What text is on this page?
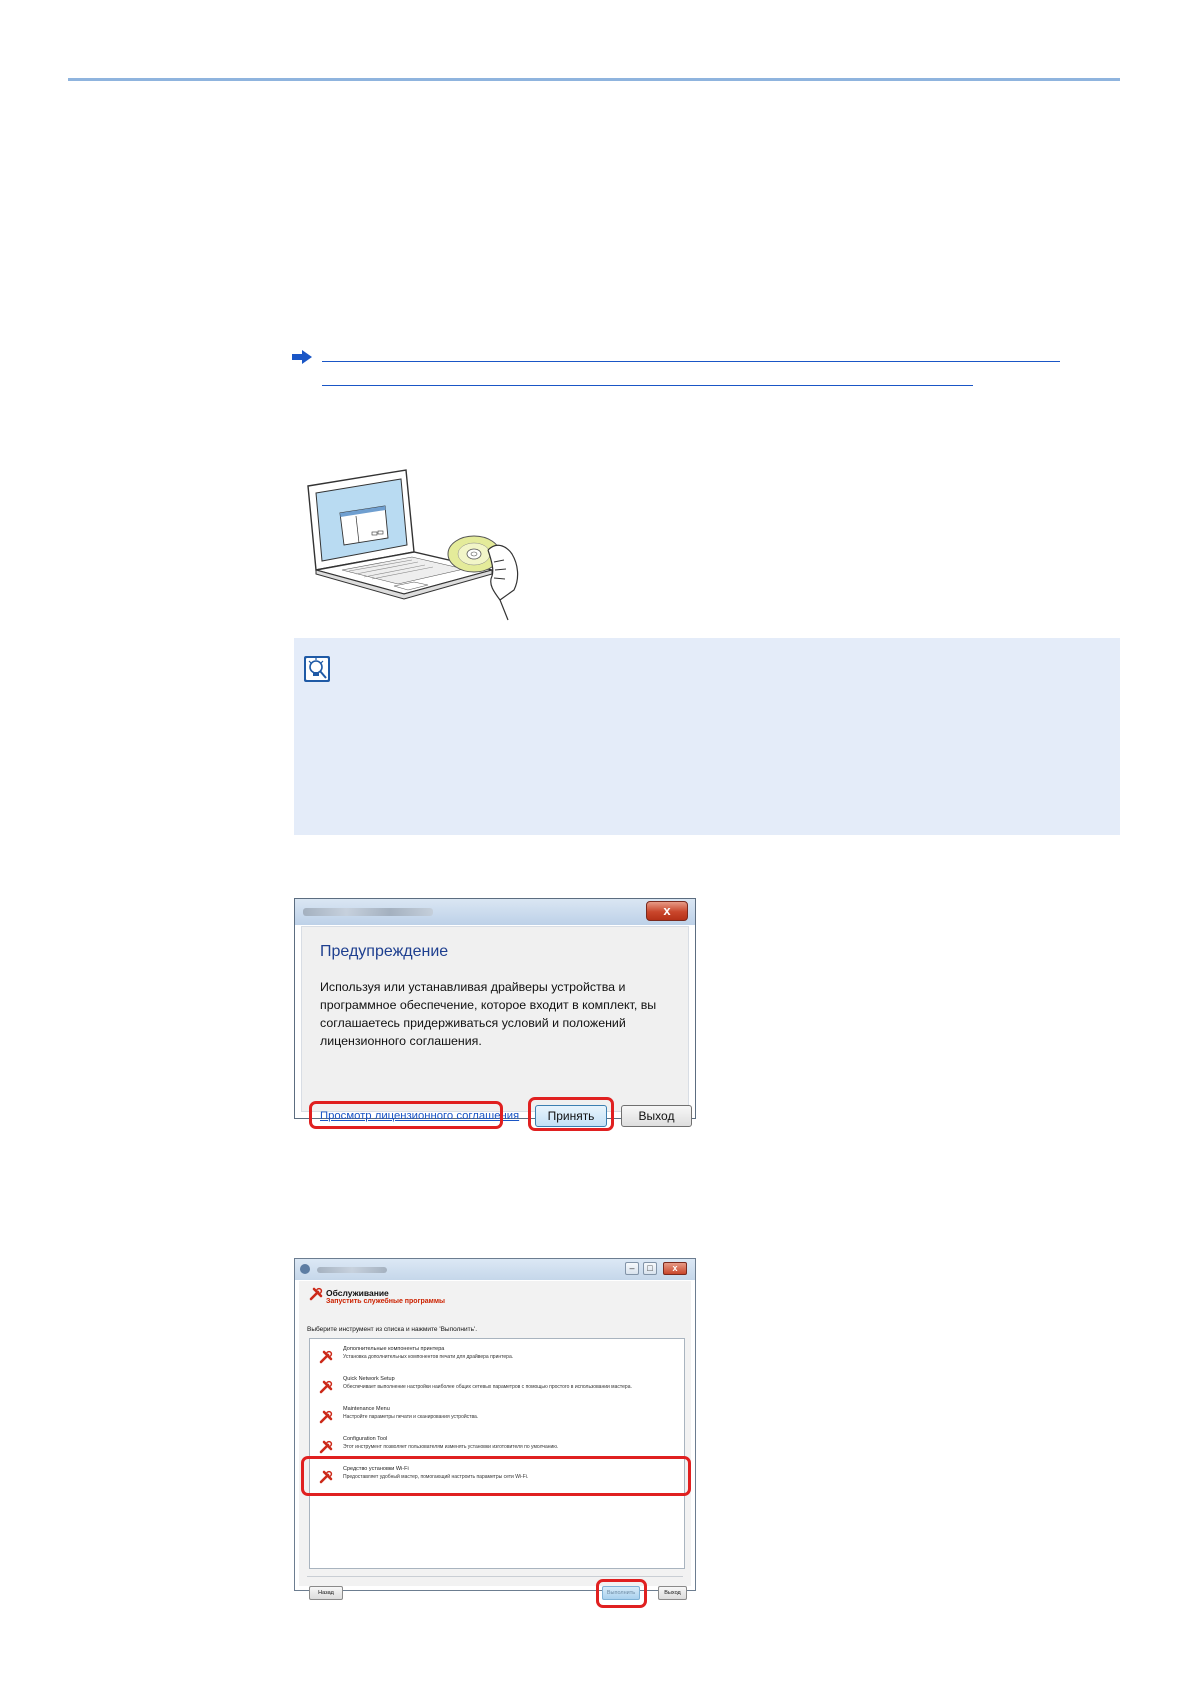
x
Предупреждение
Используя или устанавливая драйверы устройства и программное обеспечение, которое входит в комплект, вы соглашаетесь придерживаться условий и положений лицензионного соглашения.
Просмотр лицензионного соглашения	Принять	Выход
–	□	x
Обслуживание
Запустить служебные программы
Выберите инструмент из списка и нажмите 'Выполнить'.
Дополнительные компоненты принтера
Установка дополнительных компонентов печати для драйвера принтера.
Quick Network Setup
Обеспечивает выполнение настройки наиболее общих сетевых параметров с помощью простого в использовании мастера.
Maintenance Menu
Настройте параметры печати и сканирования устройства.
Configuration Tool
Этот инструмент позволяет пользователям изменять установки изготовителя по умолчанию.
Средство установки Wi-Fi
Предоставляет удобный мастер, помогающий настроить параметры сети Wi-Fi.
Назад	Выполнить	Выход
